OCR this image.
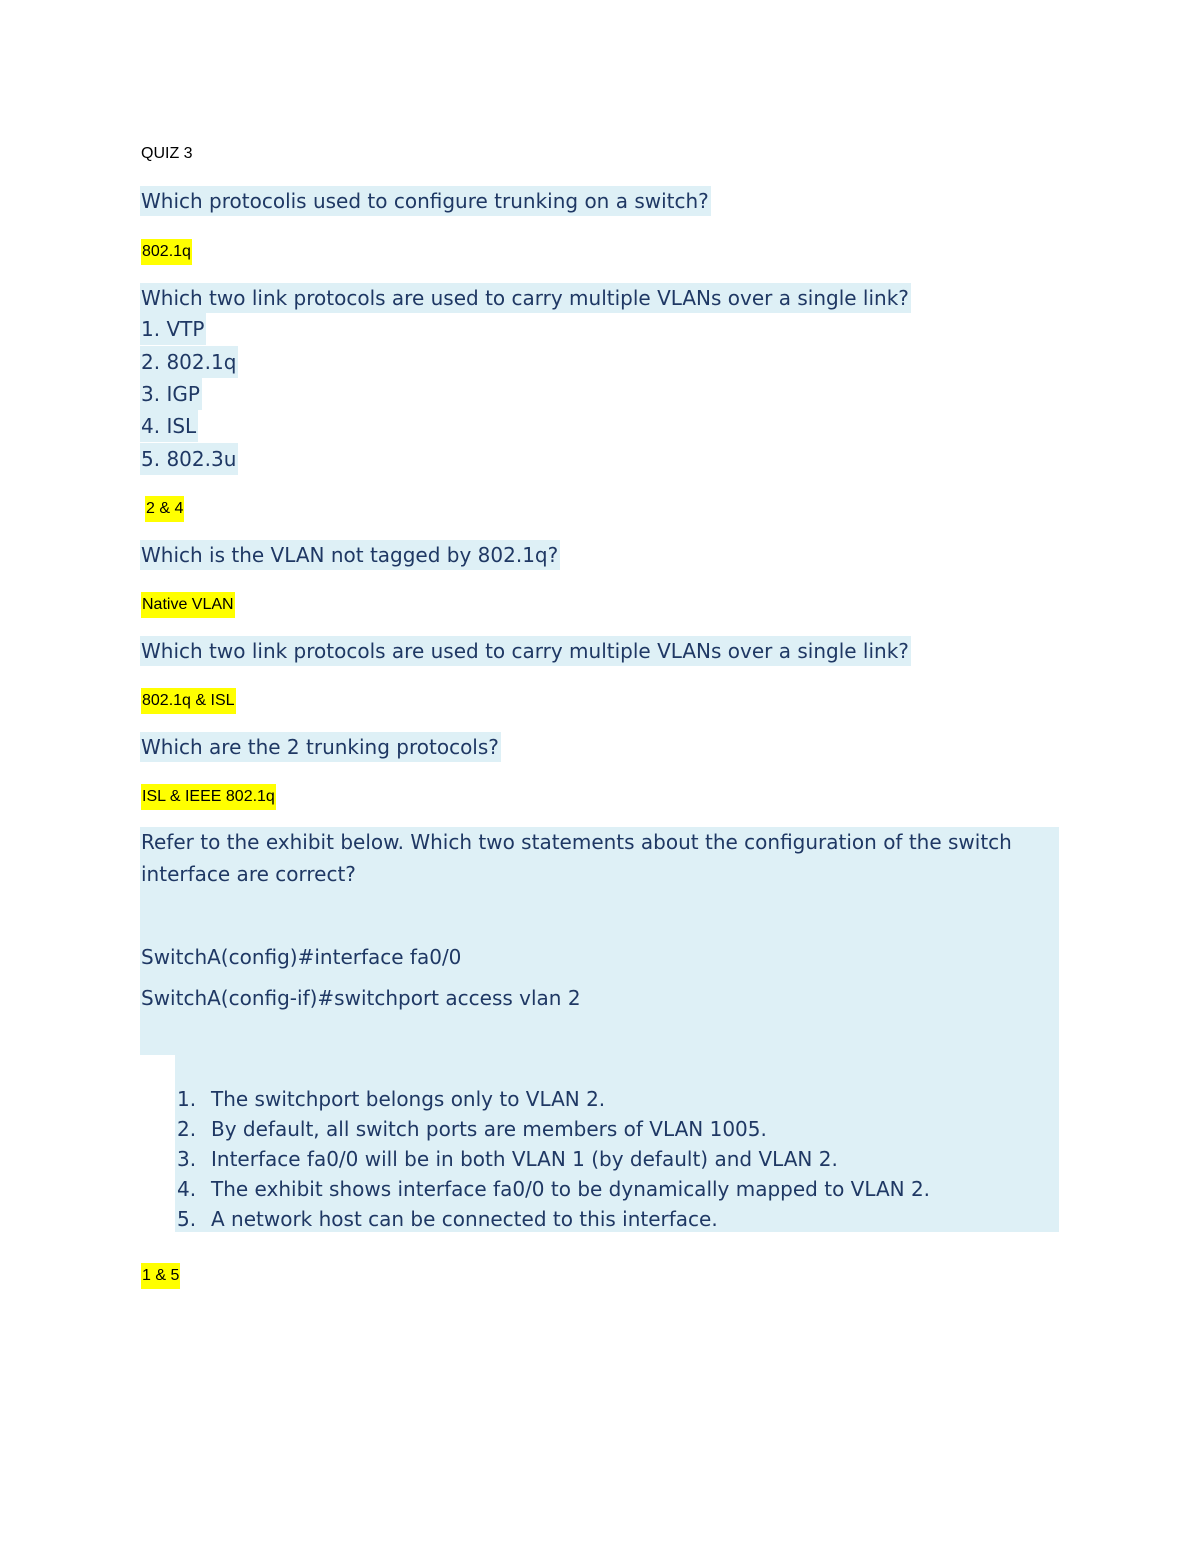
QUIZ 3
Which protocolis used to configure trunking on a switch?
802.1q
Which two link protocols are used to carry multiple VLANs over a single link?
1. VTP
2. 802.1q
3. IGP
4. ISL
5. 802.3u
2 & 4
Which is the VLAN not tagged by 802.1q?
Native VLAN
Which two link protocols are used to carry multiple VLANs over a single link?
802.1q & ISL
Which are the 2 trunking protocols?
ISL & IEEE 802.1q
Refer to the exhibit below. Which two statements about the configuration of the switch
interface are correct?
SwitchA(config)#interface fa0/0
SwitchA(config-if)#switchport access vlan 2
1. The switchport belongs only to VLAN 2.
2. By default, all switch ports are members of VLAN 1005.
3. Interface fa0/0 will be in both VLAN 1 (by default) and VLAN 2.
4. The exhibit shows interface fa0/0 to be dynamically mapped to VLAN 2.
5. A network host can be connected to this interface.
1 & 5
